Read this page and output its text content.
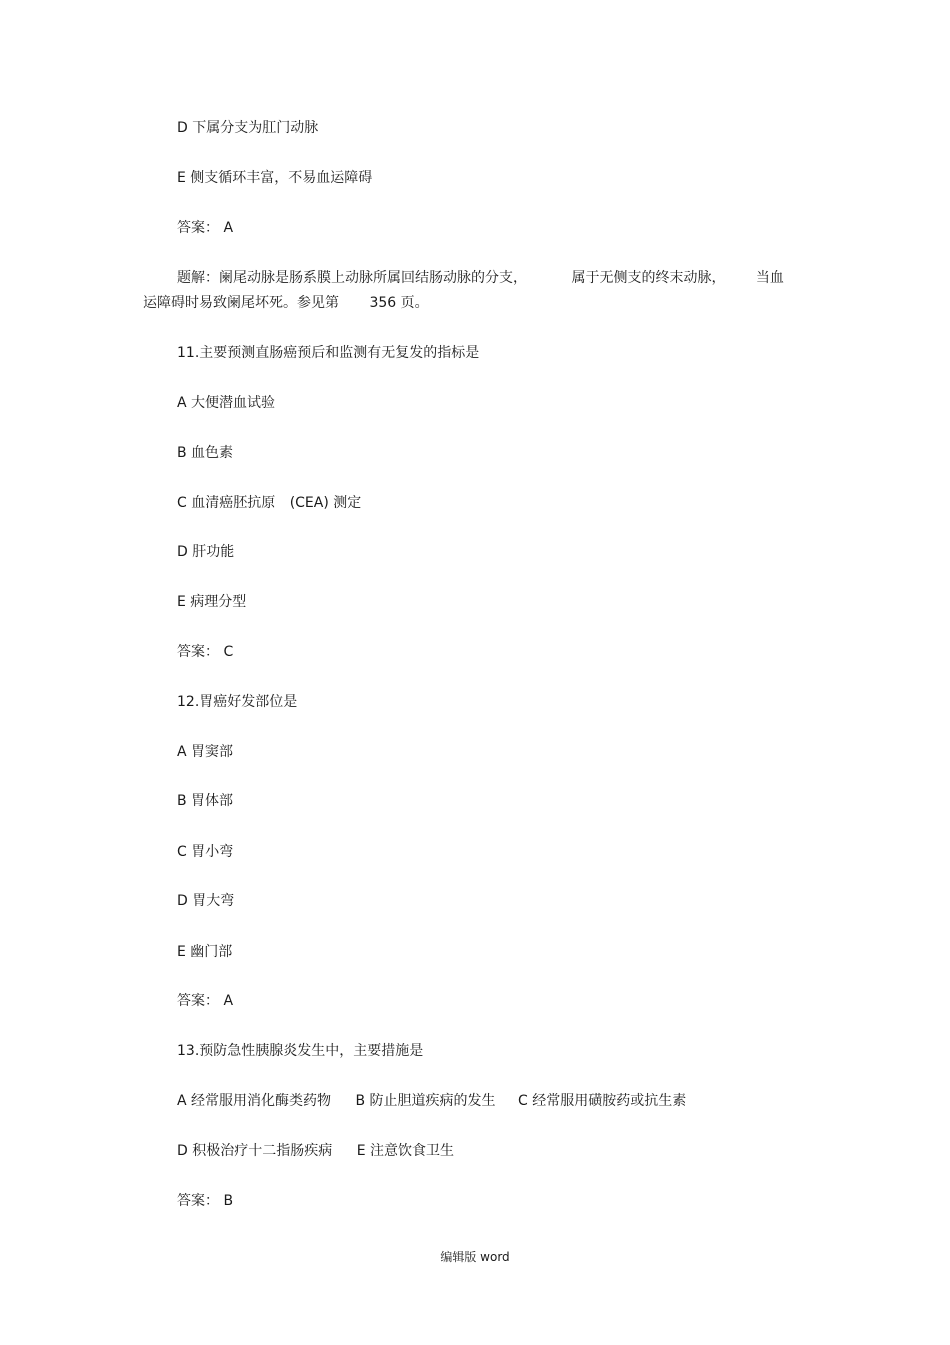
D 下属分支为肛门动脉
E 侧支循环丰富，不易血运障碍
答案： A
题解：阑尾动脉是肠系膜上动脉所属回结肠动脉的分支，	属于无侧支的终末动脉， 当血
运障碍时易致阑尾坏死。参见第 356 页。
11.主要预测直肠癌预后和监测有无复发的指标是
A 大便潜血试验
B 血色素
C 血清癌胚抗原 (CEA) 测定
D 肝功能
E 病理分型
答案： C
12.胃癌好发部位是
A 胃窦部
B 胃体部
C 胃小弯
D 胃大弯
E 幽门部
答案： A
13.预防急性胰腺炎发生中，主要措施是
A 经常服用消化酶类药物 B 防止胆道疾病的发生 C 经常服用磺胺药或抗生素
D 积极治疗十二指肠疾病 E 注意饮食卫生
答案： B
编辑版 word
